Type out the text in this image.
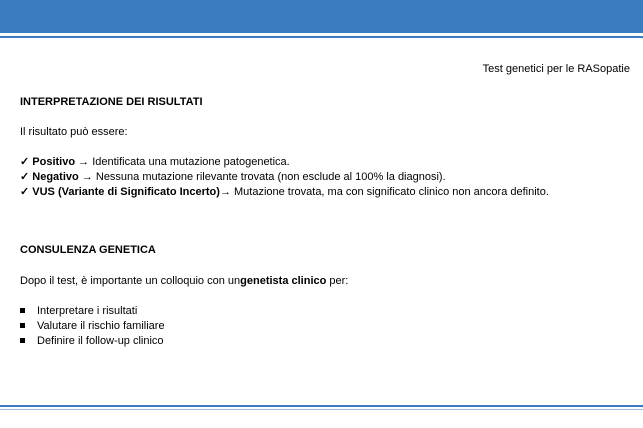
Test genetici per le RASopatie
INTERPRETAZIONE DEI RISULTATI
Il risultato può essere:
✓ Positivo → Identificata una mutazione patogenetica.
✓ Negativo → Nessuna mutazione rilevante trovata (non esclude al 100% la diagnosi).
✓ VUS (Variante di Significato Incerto)→ Mutazione trovata, ma con significato clinico non ancora definito.
CONSULENZA GENETICA
Dopo il test, è importante un colloquio con ungenetista clinico per:
Interpretare i risultati
Valutare il rischio familiare
Definire il follow-up clinico
